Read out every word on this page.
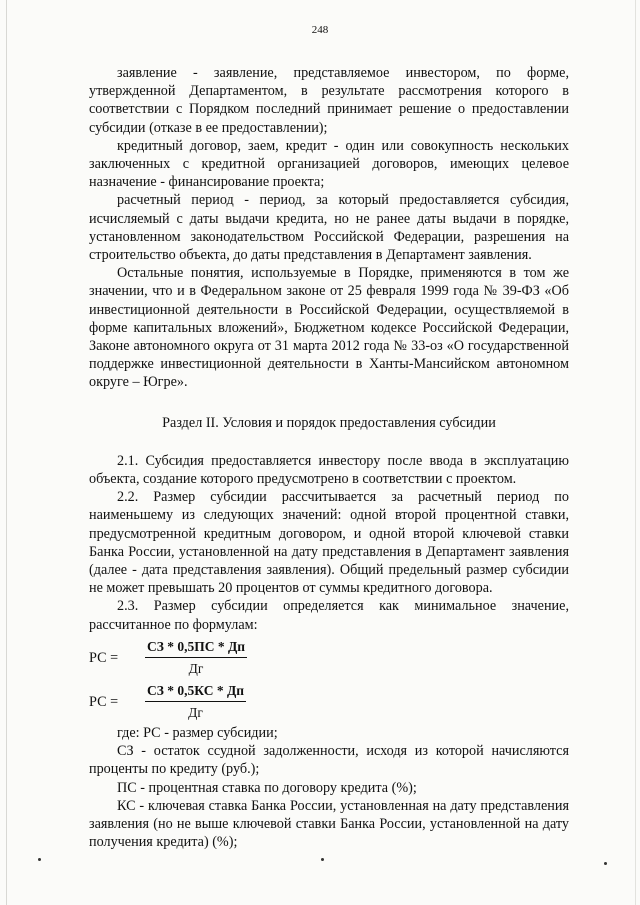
248

заявление - заявление, представляемое инвестором, по форме, утвержденной Департаментом, в результате рассмотрения которого в соответствии с Порядком последний принимает решение о предоставлении субсидии (отказе в ее предоставлении);

кредитный договор, заем, кредит - один или совокупность нескольких заключенных с кредитной организацией договоров, имеющих целевое назначение - финансирование проекта;

расчетный период - период, за который предоставляется субсидия, исчисляемый с даты выдачи кредита, но не ранее даты выдачи в порядке, установленном законодательством Российской Федерации, разрешения на строительство объекта, до даты представления в Департамент заявления.

Остальные понятия, используемые в Порядке, применяются в том же значении, что и в Федеральном законе от 25 февраля 1999 года № 39-ФЗ «Об инвестиционной деятельности в Российской Федерации, осуществляемой в форме капитальных вложений», Бюджетном кодексе Российской Федерации, Законе автономного округа от 31 марта 2012 года № 33-оз «О государственной поддержке инвестиционной деятельности в Ханты-Мансийском автономном округе – Югре».

Раздел II. Условия и порядок предоставления субсидии

2.1. Субсидия предоставляется инвестору после ввода в эксплуатацию объекта, создание которого предусмотрено в соответствии с проектом.

2.2. Размер субсидии рассчитывается за расчетный период по наименьшему из следующих значений: одной второй процентной ставки, предусмотренной кредитным договором, и одной второй ключевой ставки Банка России, установленной на дату представления в Департамент заявления (далее - дата представления заявления). Общий предельный размер субсидии не может превышать 20 процентов от суммы кредитного договора.

2.3. Размер субсидии определяется как минимальное значение, рассчитанное по формулам:

РС =	$\frac{СЗ * 0,5ПС * Дп}{Дг}$
РС =	$\frac{СЗ * 0,5КС * Дп}{Дг}$

где: РС - размер субсидии;

СЗ - остаток ссудной задолженности, исходя из которой начисляются проценты по кредиту (руб.);

ПС - процентная ставка по договору кредита (%);

КС - ключевая ставка Банка России, установленная на дату представления заявления (но не выше ключевой ставки Банка России, установленной на дату получения кредита) (%);
